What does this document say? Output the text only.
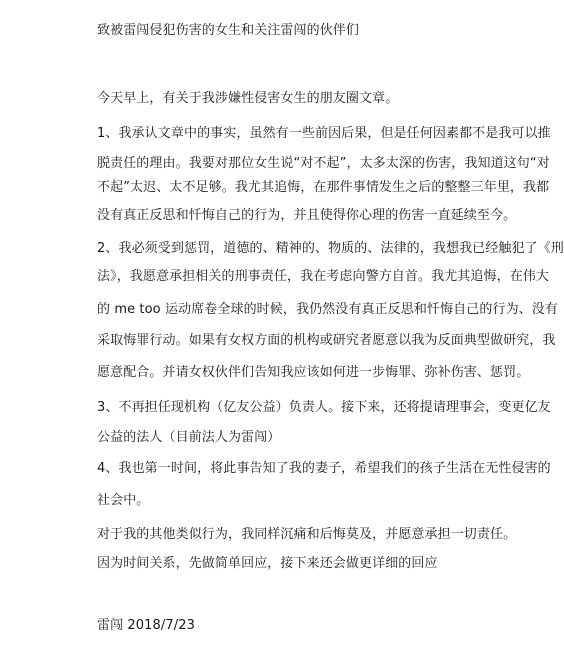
致被雷闯侵犯伤害的女生和关注雷闯的伙伴们
今天早上，有关于我涉嫌性侵害女生的朋友圈文章。
1、我承认文章中的事实，虽然有一些前因后果，但是任何因素都不是我可以推
脱责任的理由。我要对那位女生说“对不起”，太多太深的伤害，我知道这句“对
不起”太迟、太不足够。我尤其追悔，在那件事情发生之后的整整三年里，我都
没有真正反思和忏悔自己的行为，并且使得你心理的伤害一直延续至今。
2、我必须受到惩罚，道德的、精神的、物质的、法律的，我想我已经触犯了《刑
法》，我愿意承担相关的刑事责任，我在考虑向警方自首。我尤其追悔，在伟大
的 me too 运动席卷全球的时候，我仍然没有真正反思和忏悔自己的行为、没有
采取悔罪行动。如果有女权方面的机构或研究者愿意以我为反面典型做研究，我
愿意配合。并请女权伙伴们告知我应该如何进一步悔罪、弥补伤害、惩罚。
3、不再担任现机构（亿友公益）负责人。接下来，还将提请理事会，变更亿友
公益的法人（目前法人为雷闯）
4、我也第一时间，将此事告知了我的妻子，希望我们的孩子生活在无性侵害的
社会中。
对于我的其他类似行为，我同样沉痛和后悔莫及，并愿意承担一切责任。
因为时间关系，先做简单回应，接下来还会做更详细的回应
雷闯 2018/7/23
